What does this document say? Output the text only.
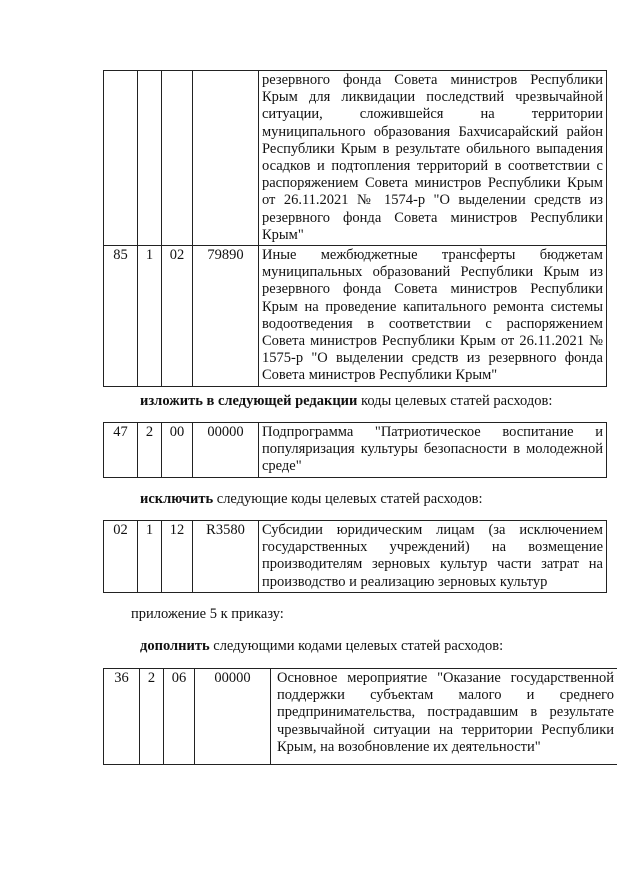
				резервного фонда Совета министров Республики Крым для ликвидации последствий чрезвычайной ситуации, сложившейся на территории муниципального образования Бахчисарайский район Республики Крым в результате обильного выпадения осадков и подтопления территорий в соответствии с распоряжением Совета министров Республики Крым от 26.11.2021 № 1574-р "О выделении средств из резервного фонда Совета министров Республики Крым"
85	1	02	79890	Иные межбюджетные трансферты бюджетам муниципальных образований Республики Крым из резервного фонда Совета министров Республики Крым на проведение капитального ремонта системы водоотведения в соответствии с распоряжением Совета министров Республики Крым от 26.11.2021 № 1575-р "О выделении средств из резервного фонда Совета министров Республики Крым"
изложить в следующей редакции коды целевых статей расходов:
47	2	00	00000	Подпрограмма "Патриотическое воспитание и популяризация культуры безопасности в молодежной среде"
исключить следующие коды целевых статей расходов:
02	1	12	R3580	Субсидии юридическим лицам (за исключением государственных учреждений) на возмещение производителям зерновых культур части затрат на производство и реализацию зерновых культур
приложение 5 к приказу:
дополнить следующими кодами целевых статей расходов:
36	2	06	00000	Основное мероприятие "Оказание государственной поддержки субъектам малого и среднего предпринимательства, пострадавшим в результате чрезвычайной ситуации на территории Республики Крым, на возобновление их деятельности"
